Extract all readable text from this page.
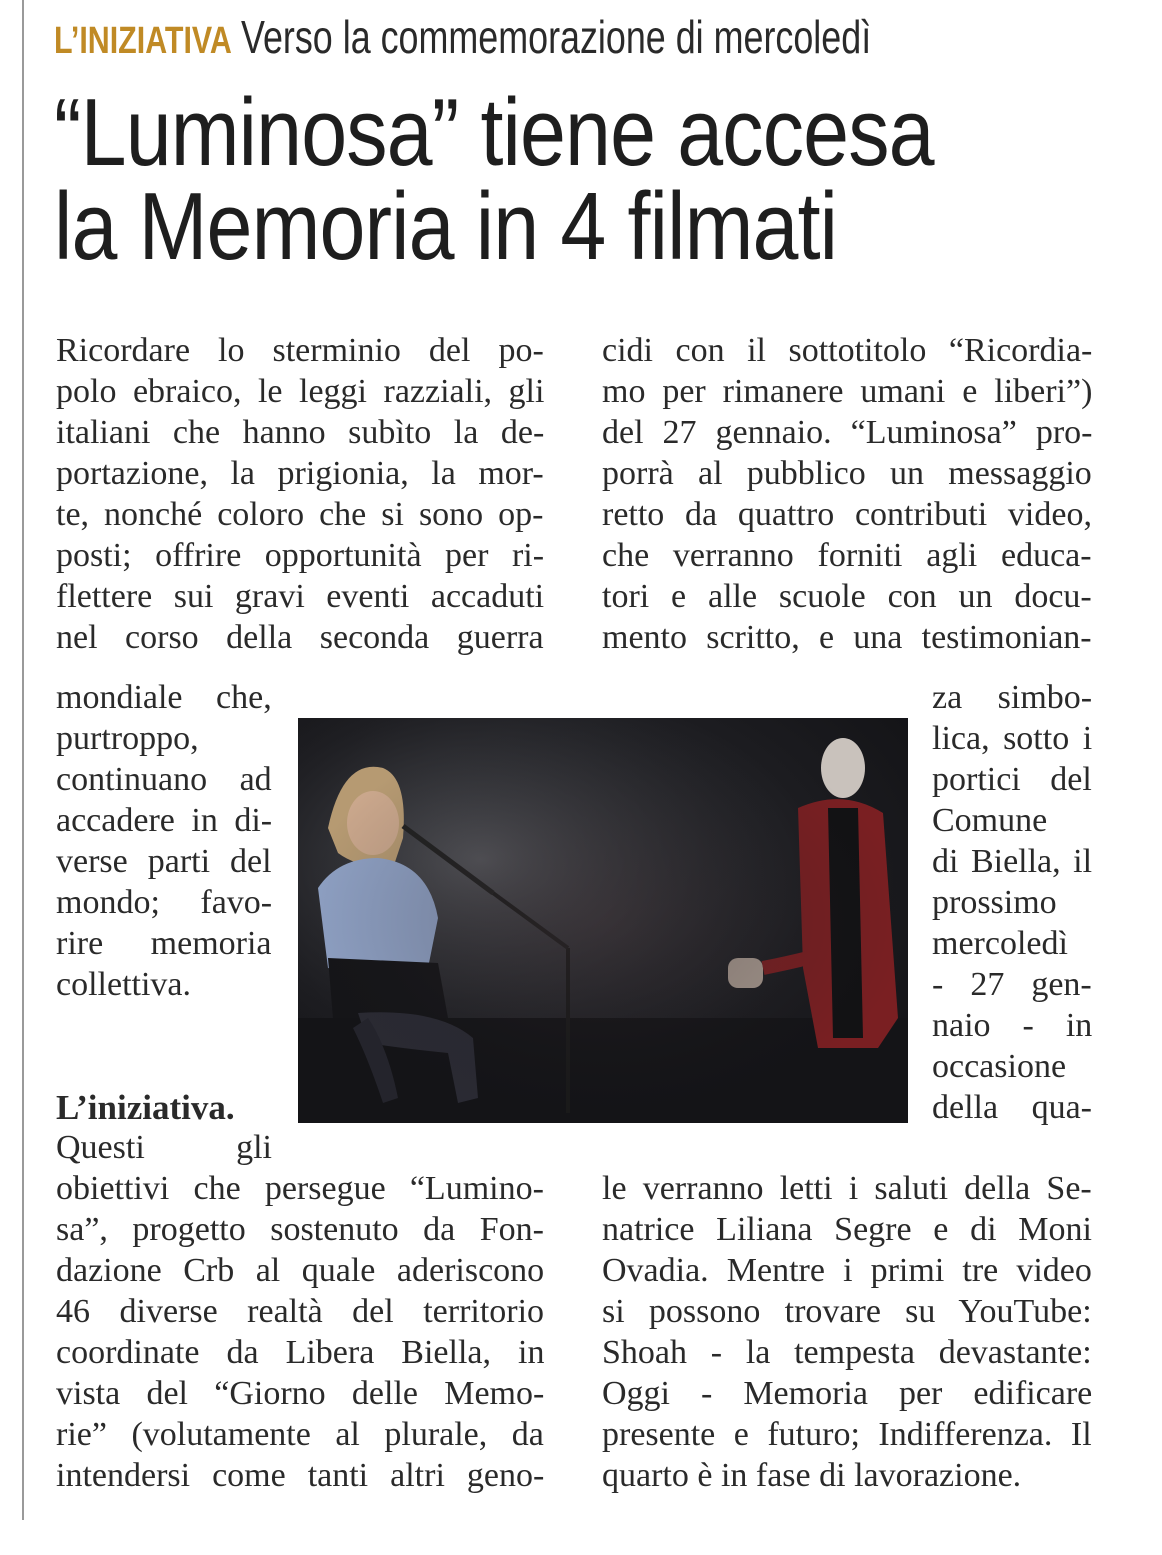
L’INIZIATIVA Verso la commemorazione di mercoledì
“Luminosa” tiene accesa
la Memoria in 4 filmati
Ricordare lo sterminio del po-
polo ebraico, le leggi razziali, gli
italiani che hanno subìto la de-
portazione, la prigionia, la mor-
te, nonché coloro che si sono op-
posti; offrire opportunità per ri-
flettere sui gravi eventi accaduti
nel corso della seconda guerra
mondiale che,
purtroppo,
continuano ad
accadere in di-
verse parti del
mondo; favo-
rire memoria
collettiva.
L’iniziativa.
Questi	gli
obiettivi che persegue “Lumino-
sa”, progetto sostenuto da Fon-
dazione Crb al quale aderiscono
46 diverse realtà del territorio
coordinate da Libera Biella, in
vista del “Giorno delle Memo-
rie” (volutamente al plurale, da
intendersi come tanti altri geno-
cidi con il sottotitolo “Ricordia-
mo per rimanere umani e liberi”)
del 27 gennaio. “Luminosa” pro-
porrà al pubblico un messaggio
retto da quattro contributi video,
che verranno forniti agli educa-
tori e alle scuole con un docu-
mento scritto, e una testimonian-
za simbo-
lica, sotto i
portici del
Comune
di Biella, il
prossimo
mercoledì
- 27 gen-
naio - in
occasione
della qua-
le verranno letti i saluti della Se-
natrice Liliana Segre e di Moni
Ovadia. Mentre i primi tre video
si possono trovare su YouTube:
Shoah - la tempesta devastante:
Oggi - Memoria per edificare
presente e futuro; Indifferenza. Il
quarto è in fase di lavorazione.
